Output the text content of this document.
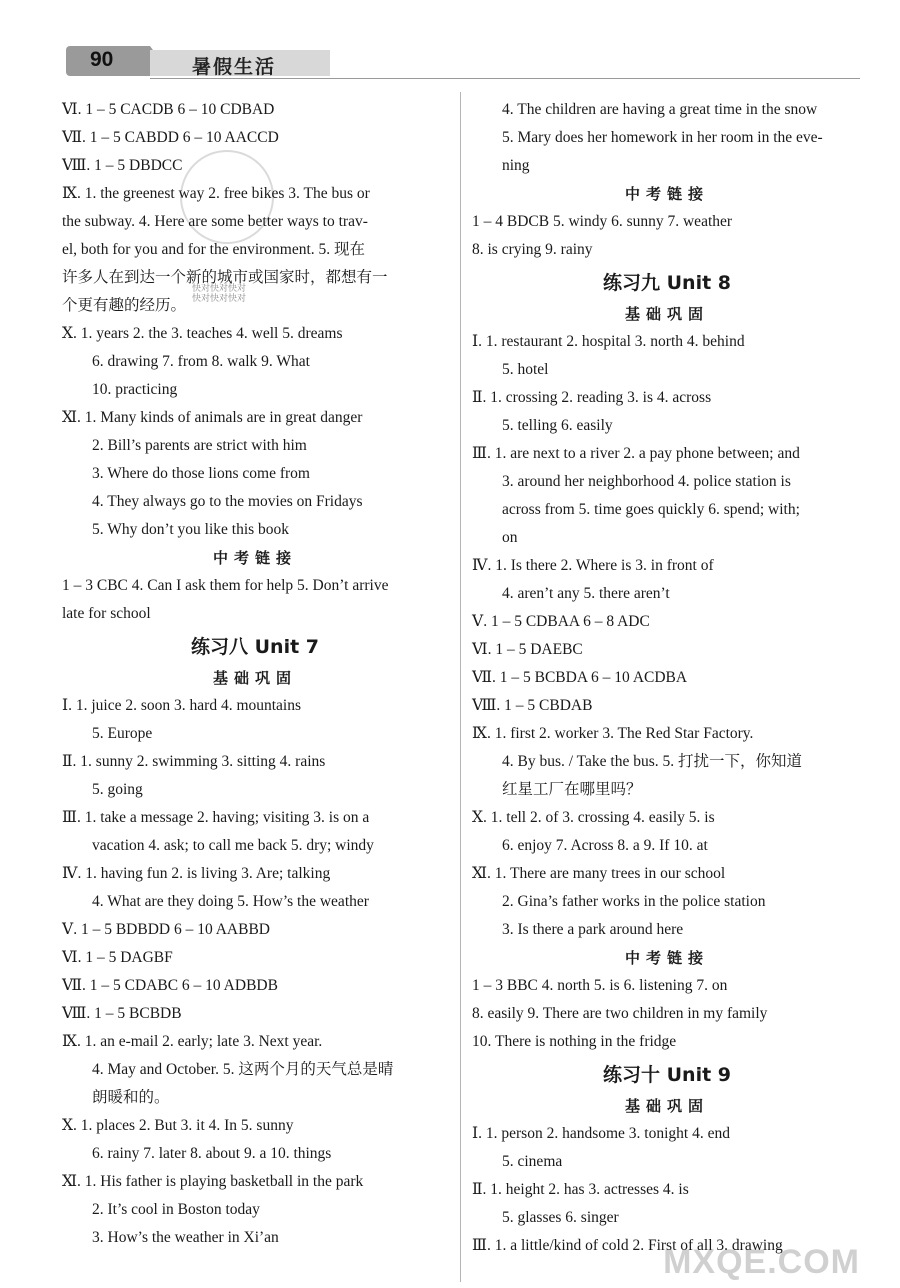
90	暑假生活
快对快对快对
快对快对快对
Ⅵ. 1 – 5 CACDB 6 – 10 CDBAD
Ⅶ. 1 – 5 CABDD 6 – 10 AACCD
Ⅷ. 1 – 5 DBDCC
Ⅸ. 1. the greenest way 2. free bikes 3. The bus or
the subway. 4. Here are some better ways to trav-
el, both for you and for the environment. 5. 现在
许多人在到达一个新的城市或国家时，都想有一
个更有趣的经历。
Ⅹ. 1. years 2. the 3. teaches 4. well 5. dreams
6. drawing 7. from 8. walk 9. What
10. practicing
Ⅺ. 1. Many kinds of animals are in great danger
2. Bill’s parents are strict with him
3. Where do those lions come from
4. They always go to the movies on Fridays
5. Why don’t you like this book
中考链接
1 – 3 CBC 4. Can I ask them for help 5. Don’t arrive
late for school
练习八 Unit 7
基础巩固
Ⅰ. 1. juice 2. soon 3. hard 4. mountains
5. Europe
Ⅱ. 1. sunny 2. swimming 3. sitting 4. rains
5. going
Ⅲ. 1. take a message 2. having; visiting 3. is on a
vacation 4. ask; to call me back 5. dry; windy
Ⅳ. 1. having fun 2. is living 3. Are; talking
4. What are they doing 5. How’s the weather
Ⅴ. 1 – 5 BDBDD 6 – 10 AABBD
Ⅵ. 1 – 5 DAGBF
Ⅶ. 1 – 5 CDABC 6 – 10 ADBDB
Ⅷ. 1 – 5 BCBDB
Ⅸ. 1. an e-mail 2. early; late 3. Next year.
4. May and October. 5. 这两个月的天气总是晴
朗暖和的。
Ⅹ. 1. places 2. But 3. it 4. In 5. sunny
6. rainy 7. later 8. about 9. a 10. things
Ⅺ. 1. His father is playing basketball in the park
2. It’s cool in Boston today
3. How’s the weather in Xi’an
4. The children are having a great time in the snow
5. Mary does her homework in her room in the eve-
ning
中考链接
1 – 4 BDCB 5. windy 6. sunny 7. weather
8. is crying 9. rainy
练习九 Unit 8
基础巩固
Ⅰ. 1. restaurant 2. hospital 3. north 4. behind
5. hotel
Ⅱ. 1. crossing 2. reading 3. is 4. across
5. telling 6. easily
Ⅲ. 1. are next to a river 2. a pay phone between; and
3. around her neighborhood 4. police station is
across from 5. time goes quickly 6. spend; with;
on
Ⅳ. 1. Is there 2. Where is 3. in front of
4. aren’t any 5. there aren’t
Ⅴ. 1 – 5 CDBAA 6 – 8 ADC
Ⅵ. 1 – 5 DAEBC
Ⅶ. 1 – 5 BCBDA 6 – 10 ACDBA
Ⅷ. 1 – 5 CBDAB
Ⅸ. 1. first 2. worker 3. The Red Star Factory.
4. By bus. / Take the bus. 5. 打扰一下，你知道
红星工厂在哪里吗？
Ⅹ. 1. tell 2. of 3. crossing 4. easily 5. is
6. enjoy 7. Across 8. a 9. If 10. at
Ⅺ. 1. There are many trees in our school
2. Gina’s father works in the police station
3. Is there a park around here
中考链接
1 – 3 BBC 4. north 5. is 6. listening 7. on
8. easily 9. There are two children in my family
10. There is nothing in the fridge
练习十 Unit 9
基础巩固
Ⅰ. 1. person 2. handsome 3. tonight 4. end
5. cinema
Ⅱ. 1. height 2. has 3. actresses 4. is
5. glasses 6. singer
Ⅲ. 1. a little/kind of cold 2. First of all 3. drawing
MXQE.COM
